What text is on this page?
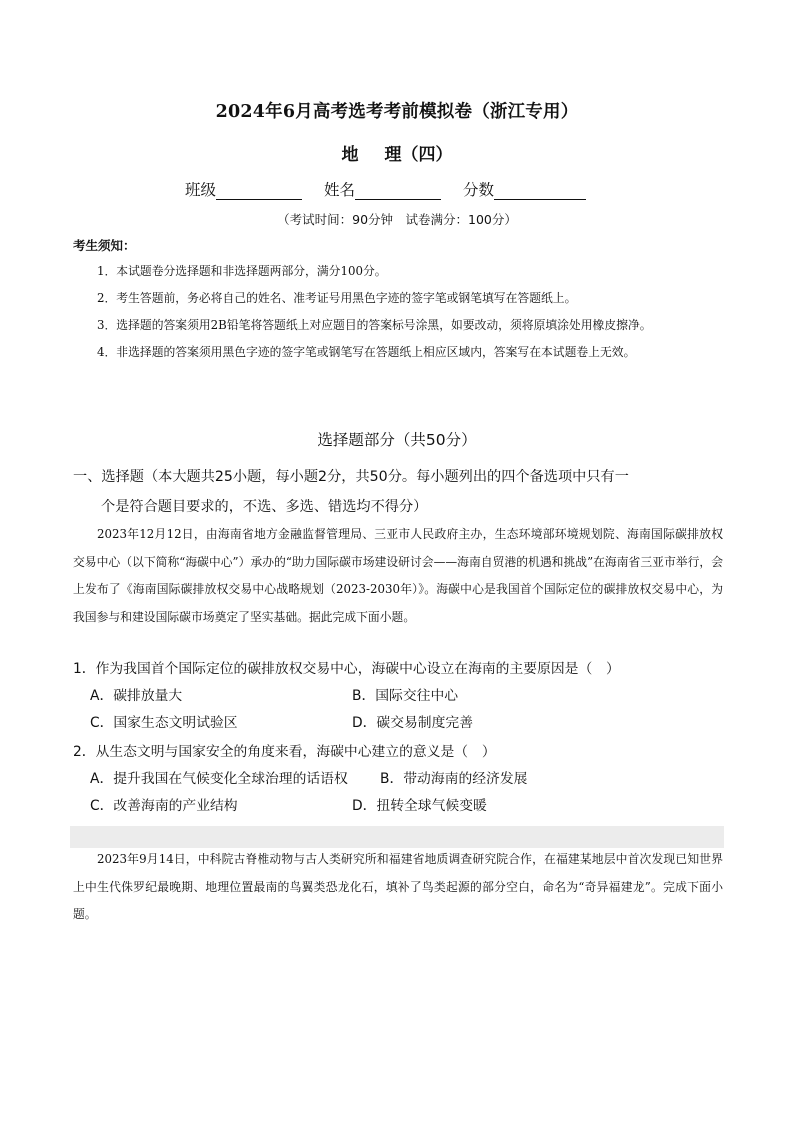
2024年6月高考选考考前模拟卷（浙江专用）
地 理（四）
班级	姓名	分数
（考试时间：90分钟　试卷满分：100分）
考生须知：
1．本试题卷分选择题和非选择题两部分，满分100分。
2．考生答题前，务必将自己的姓名、准考证号用黑色字迹的签字笔或钢笔填写在答题纸上。
3．选择题的答案须用2B铅笔将答题纸上对应题目的答案标号涂黑，如要改动，须将原填涂处用橡皮擦净。
4．非选择题的答案须用黑色字迹的签字笔或钢笔写在答题纸上相应区域内，答案写在本试题卷上无效。
选择题部分（共50分）
一、选择题（本大题共25小题，每小题2分，共50分。每小题列出的四个备选项中只有一
个是符合题目要求的，不选、多选、错选均不得分）
2023年12月12日，由海南省地方金融监督管理局、三亚市人民政府主办，生态环境部环境规划院、海南国际碳排放权交易中心（以下简称“海碳中心”）承办的“助力国际碳市场建设研讨会——海南自贸港的机遇和挑战”在海南省三亚市举行，会上发布了《海南国际碳排放权交易中心战略规划（2023-2030年）》。海碳中心是我国首个国际定位的碳排放权交易中心，为我国参与和建设国际碳市场奠定了坚实基础。据此完成下面小题。
1．作为我国首个国际定位的碳排放权交易中心，海碳中心设立在海南的主要原因是（　）
A．碳排放量大	B．国际交往中心
C．国家生态文明试验区	D．碳交易制度完善
2．从生态文明与国家安全的角度来看，海碳中心建立的意义是（　）
A．提升我国在气候变化全球治理的话语权	B．带动海南的经济发展
C．改善海南的产业结构	D．扭转全球气候变暖
2023年9月14日，中科院古脊椎动物与古人类研究所和福建省地质调查研究院合作，在福建某地层中首次发现已知世界上中生代侏罗纪最晚期、地理位置最南的鸟翼类恐龙化石，填补了鸟类起源的部分空白，命名为“奇异福建龙”。完成下面小题。
